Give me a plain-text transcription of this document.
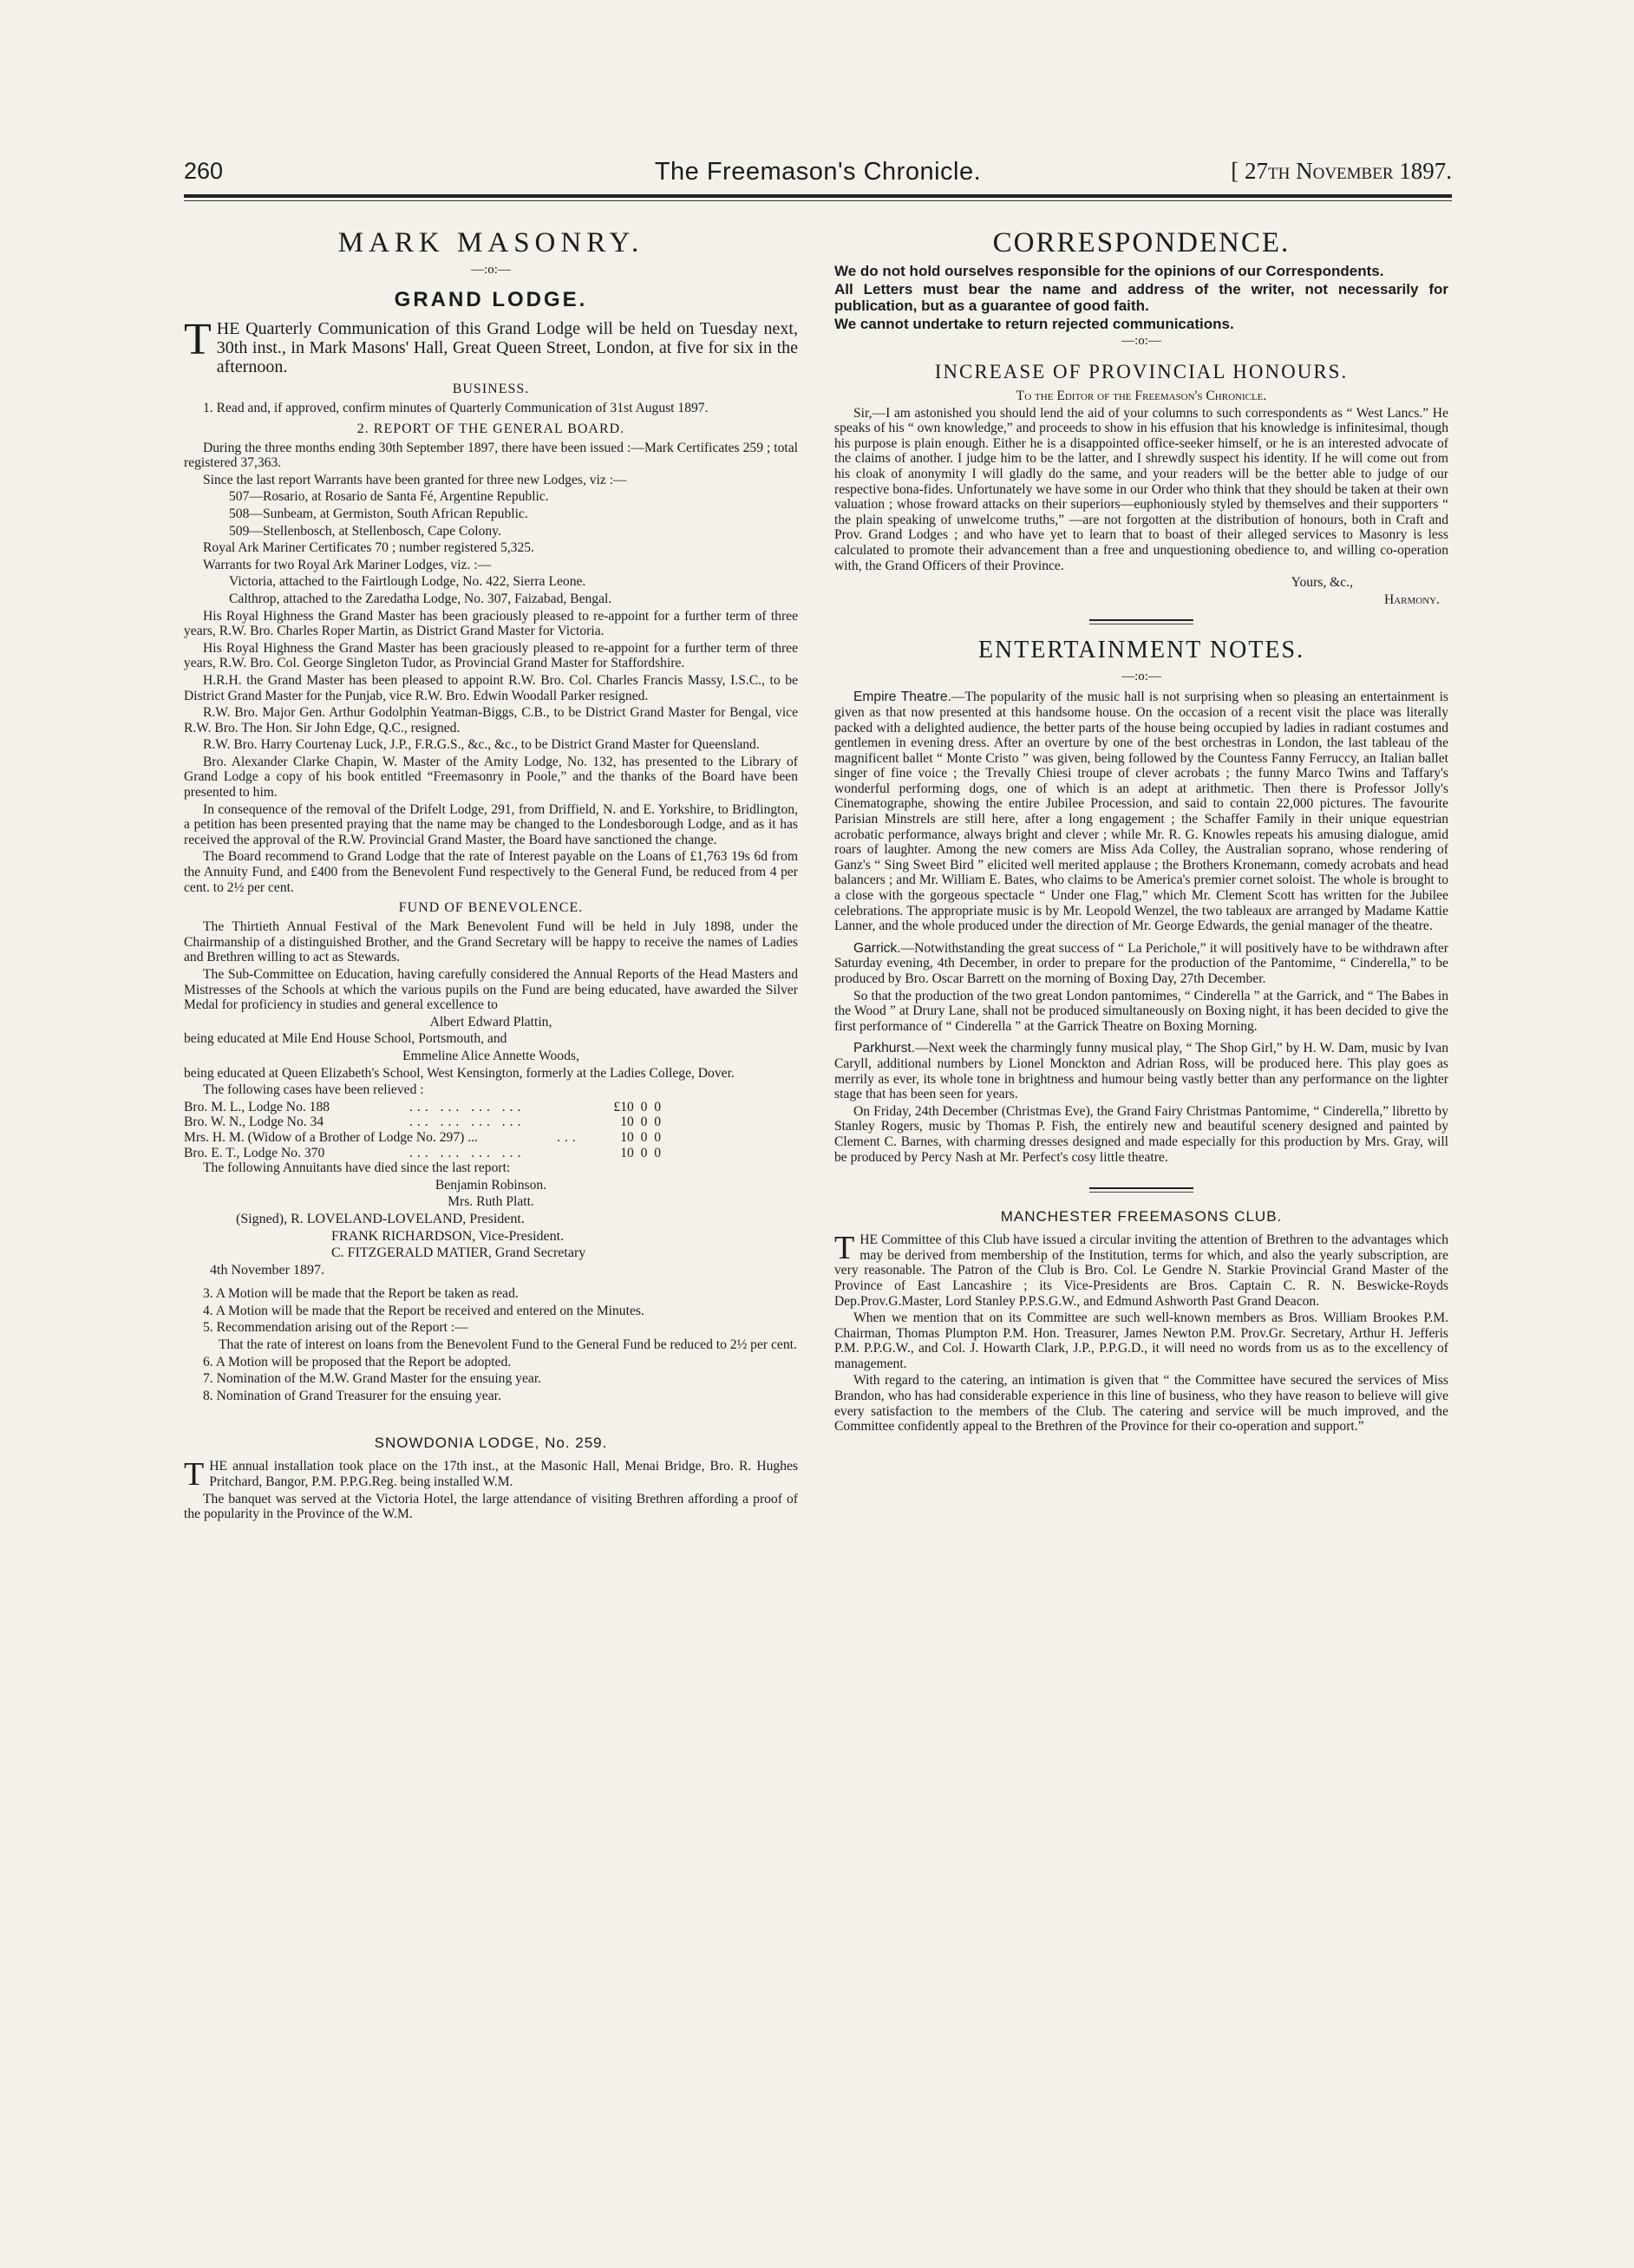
260	The Freemason's Chronicle.	[ 27th November 1897.
MARK MASONRY.
—:o:—
GRAND LODGE.

THE Quarterly Communication of this Grand Lodge will be held on Tuesday next, 30th inst., in Mark Masons' Hall, Great Queen Street, London, at five for six in the afternoon.

BUSINESS.

1. Read and, if approved, confirm minutes of Quarterly Communication of 31st August 1897.

2. REPORT OF THE GENERAL BOARD.

During the three months ending 30th September 1897, there have been issued :—Mark Certificates 259 ; total registered 37,363.

Since the last report Warrants have been granted for three new Lodges, viz :—

507—Rosario, at Rosario de Santa Fé, Argentine Republic.

508—Sunbeam, at Germiston, South African Republic.

509—Stellenbosch, at Stellenbosch, Cape Colony.

Royal Ark Mariner Certificates 70 ; number registered 5,325.

Warrants for two Royal Ark Mariner Lodges, viz. :—

Victoria, attached to the Fairtlough Lodge, No. 422, Sierra Leone.

Calthrop, attached to the Zaredatha Lodge, No. 307, Faizabad, Bengal.

His Royal Highness the Grand Master has been graciously pleased to re-appoint for a further term of three years, R.W. Bro. Charles Roper Martin, as District Grand Master for Victoria.

His Royal Highness the Grand Master has been graciously pleased to re-appoint for a further term of three years, R.W. Bro. Col. George Singleton Tudor, as Provincial Grand Master for Staffordshire.

H.R.H. the Grand Master has been pleased to appoint R.W. Bro. Col. Charles Francis Massy, I.S.C., to be District Grand Master for the Punjab, vice R.W. Bro. Edwin Woodall Parker resigned.

R.W. Bro. Major Gen. Arthur Godolphin Yeatman-Biggs, C.B., to be District Grand Master for Bengal, vice R.W. Bro. The Hon. Sir John Edge, Q.C., resigned.

R.W. Bro. Harry Courtenay Luck, J.P., F.R.G.S., &c., &c., to be District Grand Master for Queensland.

Bro. Alexander Clarke Chapin, W. Master of the Amity Lodge, No. 132, has presented to the Library of Grand Lodge a copy of his book entitled “Freemasonry in Poole,” and the thanks of the Board have been presented to him.

In consequence of the removal of the Drifelt Lodge, 291, from Driffield, N. and E. Yorkshire, to Bridlington, a petition has been presented praying that the name may be changed to the Londesborough Lodge, and as it has received the approval of the R.W. Provincial Grand Master, the Board have sanctioned the change.

The Board recommend to Grand Lodge that the rate of Interest payable on the Loans of £1,763 19s 6d from the Annuity Fund, and £400 from the Benevolent Fund respectively to the General Fund, be reduced from 4 per cent. to 2½ per cent.

FUND OF BENEVOLENCE.

The Thirtieth Annual Festival of the Mark Benevolent Fund will be held in July 1898, under the Chairmanship of a distinguished Brother, and the Grand Secretary will be happy to receive the names of Ladies and Brethren willing to act as Stewards.

The Sub-Committee on Education, having carefully considered the Annual Reports of the Head Masters and Mistresses of the Schools at which the various pupils on the Fund are being educated, have awarded the Silver Medal for proficiency in studies and general excellence to

Albert Edward Plattin,

being educated at Mile End House School, Portsmouth, and

Emmeline Alice Annette Woods,

being educated at Queen Elizabeth's School, West Kensington, formerly at the Ladies College, Dover.

The following cases have been relieved :

Bro. M. L., Lodge No. 188	... ... ... ...	£10  0  0
Bro. W. N., Lodge No. 34	... ... ... ...	10  0  0
Mrs. H. M. (Widow of a Brother of Lodge No. 297) ...	...	10  0  0
Bro. E. T., Lodge No. 370	... ... ... ...	10  0  0

The following Annuitants have died since the last report:

Benjamin Robinson.

Mrs. Ruth Platt.

(Signed), R. LOVELAND-LOVELAND, President.

FRANK RICHARDSON, Vice-President.

C. FITZGERALD MATIER, Grand Secretary

4th November 1897.

3. A Motion will be made that the Report be taken as read.

4. A Motion will be made that the Report be received and entered on the Minutes.

5. Recommendation arising out of the Report :—

That the rate of interest on loans from the Benevolent Fund to the General Fund be reduced to 2½ per cent.

6. A Motion will be proposed that the Report be adopted.

7. Nomination of the M.W. Grand Master for the ensuing year.

8. Nomination of Grand Treasurer for the ensuing year.

SNOWDONIA LODGE, No. 259.

THE annual installation took place on the 17th inst., at the Masonic Hall, Menai Bridge, Bro. R. Hughes Pritchard, Bangor, P.M. P.P.G.Reg. being installed W.M.

The banquet was served at the Victoria Hotel, the large attendance of visiting Brethren affording a proof of the popularity in the Province of the W.M.

CORRESPONDENCE.

We do not hold ourselves responsible for the opinions of our Correspondents.

All Letters must bear the name and address of the writer, not necessarily for publication, but as a guarantee of good faith.

We cannot undertake to return rejected communications.

—:o:—
INCREASE OF PROVINCIAL HONOURS.

To the Editor of the Freemason's Chronicle.

Sir,—I am astonished you should lend the aid of your columns to such correspondents as “ West Lancs.” He speaks of his “ own knowledge,” and proceeds to show in his effusion that his knowledge is infinitesimal, though his purpose is plain enough. Either he is a disappointed office-seeker himself, or he is an interested advocate of the claims of another. I judge him to be the latter, and I shrewdly suspect his identity. If he will come out from his cloak of anonymity I will gladly do the same, and your readers will be the better able to judge of our respective bona-fides. Unfortunately we have some in our Order who think that they should be taken at their own valuation ; whose froward attacks on their superiors—euphoniously styled by themselves and their supporters “ the plain speaking of unwelcome truths,” —are not forgotten at the distribution of honours, both in Craft and Prov. Grand Lodges ; and who have yet to learn that to boast of their alleged services to Masonry is less calculated to promote their advancement than a free and unquestioning obedience to, and willing co-operation with, the Grand Officers of their Province.

Yours, &c.,

Harmony.

ENTERTAINMENT NOTES.
—:o:—

Empire Theatre.—The popularity of the music hall is not surprising when so pleasing an entertainment is given as that now presented at this handsome house. On the occasion of a recent visit the place was literally packed with a delighted audience, the better parts of the house being occupied by ladies in radiant costumes and gentlemen in evening dress. After an overture by one of the best orchestras in London, the last tableau of the magnificent ballet “ Monte Cristo ” was given, being followed by the Countess Fanny Ferruccy, an Italian ballet singer of fine voice ; the Trevally Chiesi troupe of clever acrobats ; the funny Marco Twins and Taffary's wonderful performing dogs, one of which is an adept at arithmetic. Then there is Professor Jolly's Cinematographe, showing the entire Jubilee Procession, and said to contain 22,000 pictures. The favourite Parisian Minstrels are still here, after a long engagement ; the Schaffer Family in their unique equestrian acrobatic performance, always bright and clever ; while Mr. R. G. Knowles repeats his amusing dialogue, amid roars of laughter. Among the new comers are Miss Ada Colley, the Australian soprano, whose rendering of Ganz's “ Sing Sweet Bird ” elicited well merited applause ; the Brothers Kronemann, comedy acrobats and head balancers ; and Mr. William E. Bates, who claims to be America's premier cornet soloist. The whole is brought to a close with the gorgeous spectacle “ Under one Flag,” which Mr. Clement Scott has written for the Jubilee celebrations. The appropriate music is by Mr. Leopold Wenzel, the two tableaux are arranged by Madame Kattie Lanner, and the whole produced under the direction of Mr. George Edwards, the genial manager of the theatre.

Garrick.—Notwithstanding the great success of “ La Perichole,” it will positively have to be withdrawn after Saturday evening, 4th December, in order to prepare for the production of the Pantomime, “ Cinderella,” to be produced by Bro. Oscar Barrett on the morning of Boxing Day, 27th December.

So that the production of the two great London pantomimes, “ Cinderella ” at the Garrick, and “ The Babes in the Wood ” at Drury Lane, shall not be produced simultaneously on Boxing night, it has been decided to give the first performance of “ Cinderella ” at the Garrick Theatre on Boxing Morning.

Parkhurst.—Next week the charmingly funny musical play, “ The Shop Girl,” by H. W. Dam, music by Ivan Caryll, additional numbers by Lionel Monckton and Adrian Ross, will be produced here. This play goes as merrily as ever, its whole tone in brightness and humour being vastly better than any performance on the lighter stage that has been seen for years.

On Friday, 24th December (Christmas Eve), the Grand Fairy Christmas Pantomime, “ Cinderella,” libretto by Stanley Rogers, music by Thomas P. Fish, the entirely new and beautiful scenery designed and painted by Clement C. Barnes, with charming dresses designed and made especially for this production by Mrs. Gray, will be produced by Percy Nash at Mr. Perfect's cosy little theatre.

MANCHESTER FREEMASONS CLUB.

THE Committee of this Club have issued a circular inviting the attention of Brethren to the advantages which may be derived from membership of the Institution, terms for which, and also the yearly subscription, are very reasonable. The Patron of the Club is Bro. Col. Le Gendre N. Starkie Provincial Grand Master of the Province of East Lancashire ; its Vice-Presidents are Bros. Captain C. R. N. Beswicke-Royds Dep.Prov.G.Master, Lord Stanley P.P.S.G.W., and Edmund Ashworth Past Grand Deacon.

When we mention that on its Committee are such well-known members as Bros. William Brookes P.M. Chairman, Thomas Plumpton P.M. Hon. Treasurer, James Newton P.M. Prov.Gr. Secretary, Arthur H. Jefferis P.M. P.P.G.W., and Col. J. Howarth Clark, J.P., P.P.G.D., it will need no words from us as to the excellency of management.

With regard to the catering, an intimation is given that “ the Committee have secured the services of Miss Brandon, who has had considerable experience in this line of business, who they have reason to believe will give every satisfaction to the members of the Club. The catering and service will be much improved, and the Committee confidently appeal to the Brethren of the Province for their co-operation and support.”
